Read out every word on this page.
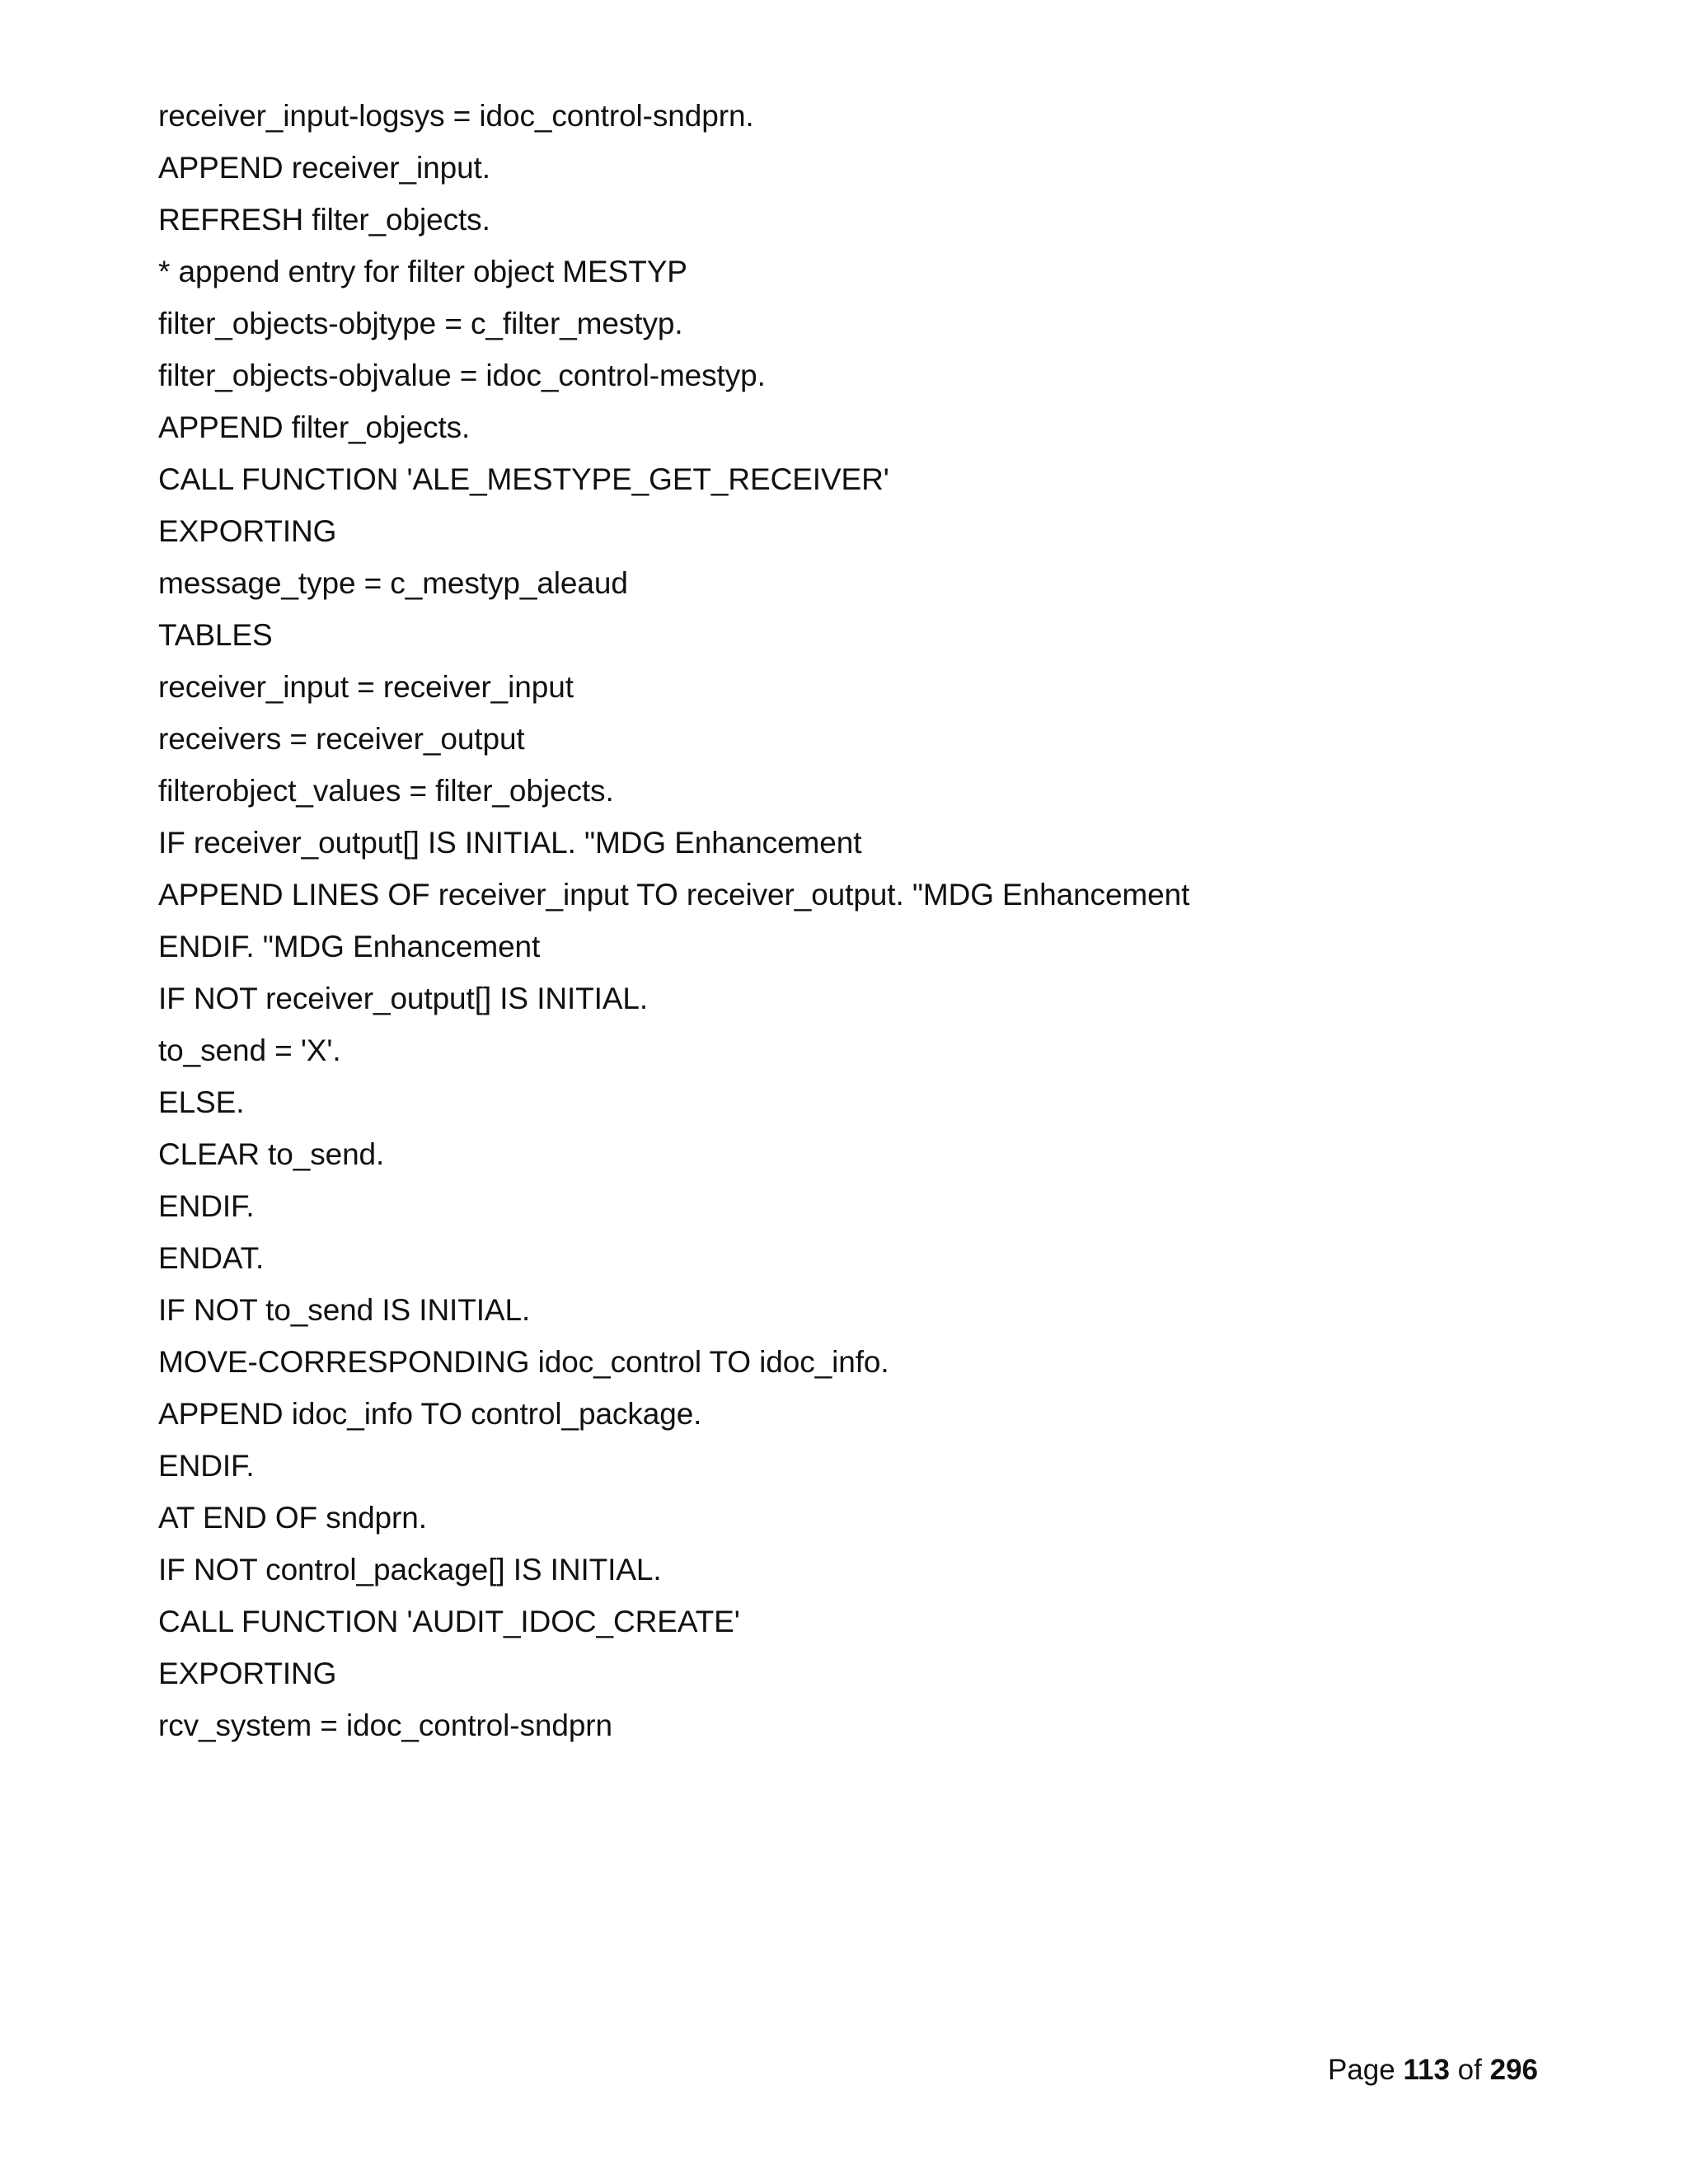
receiver_input-logsys = idoc_control-sndprn.
APPEND receiver_input.
REFRESH filter_objects.
* append entry for filter object MESTYP
filter_objects-objtype = c_filter_mestyp.
filter_objects-objvalue = idoc_control-mestyp.
APPEND filter_objects.
CALL FUNCTION 'ALE_MESTYPE_GET_RECEIVER'
EXPORTING
message_type = c_mestyp_aleaud
TABLES
receiver_input = receiver_input
receivers = receiver_output
filterobject_values = filter_objects.
IF receiver_output[] IS INITIAL. "MDG Enhancement
APPEND LINES OF receiver_input TO receiver_output. "MDG Enhancement
ENDIF. "MDG Enhancement
IF NOT receiver_output[] IS INITIAL.
to_send = 'X'.
ELSE.
CLEAR to_send.
ENDIF.
ENDAT.
IF NOT to_send IS INITIAL.
MOVE-CORRESPONDING idoc_control TO idoc_info.
APPEND idoc_info TO control_package.
ENDIF.
AT END OF sndprn.
IF NOT control_package[] IS INITIAL.
CALL FUNCTION 'AUDIT_IDOC_CREATE'
EXPORTING
rcv_system = idoc_control-sndprn
Page 113 of 296
